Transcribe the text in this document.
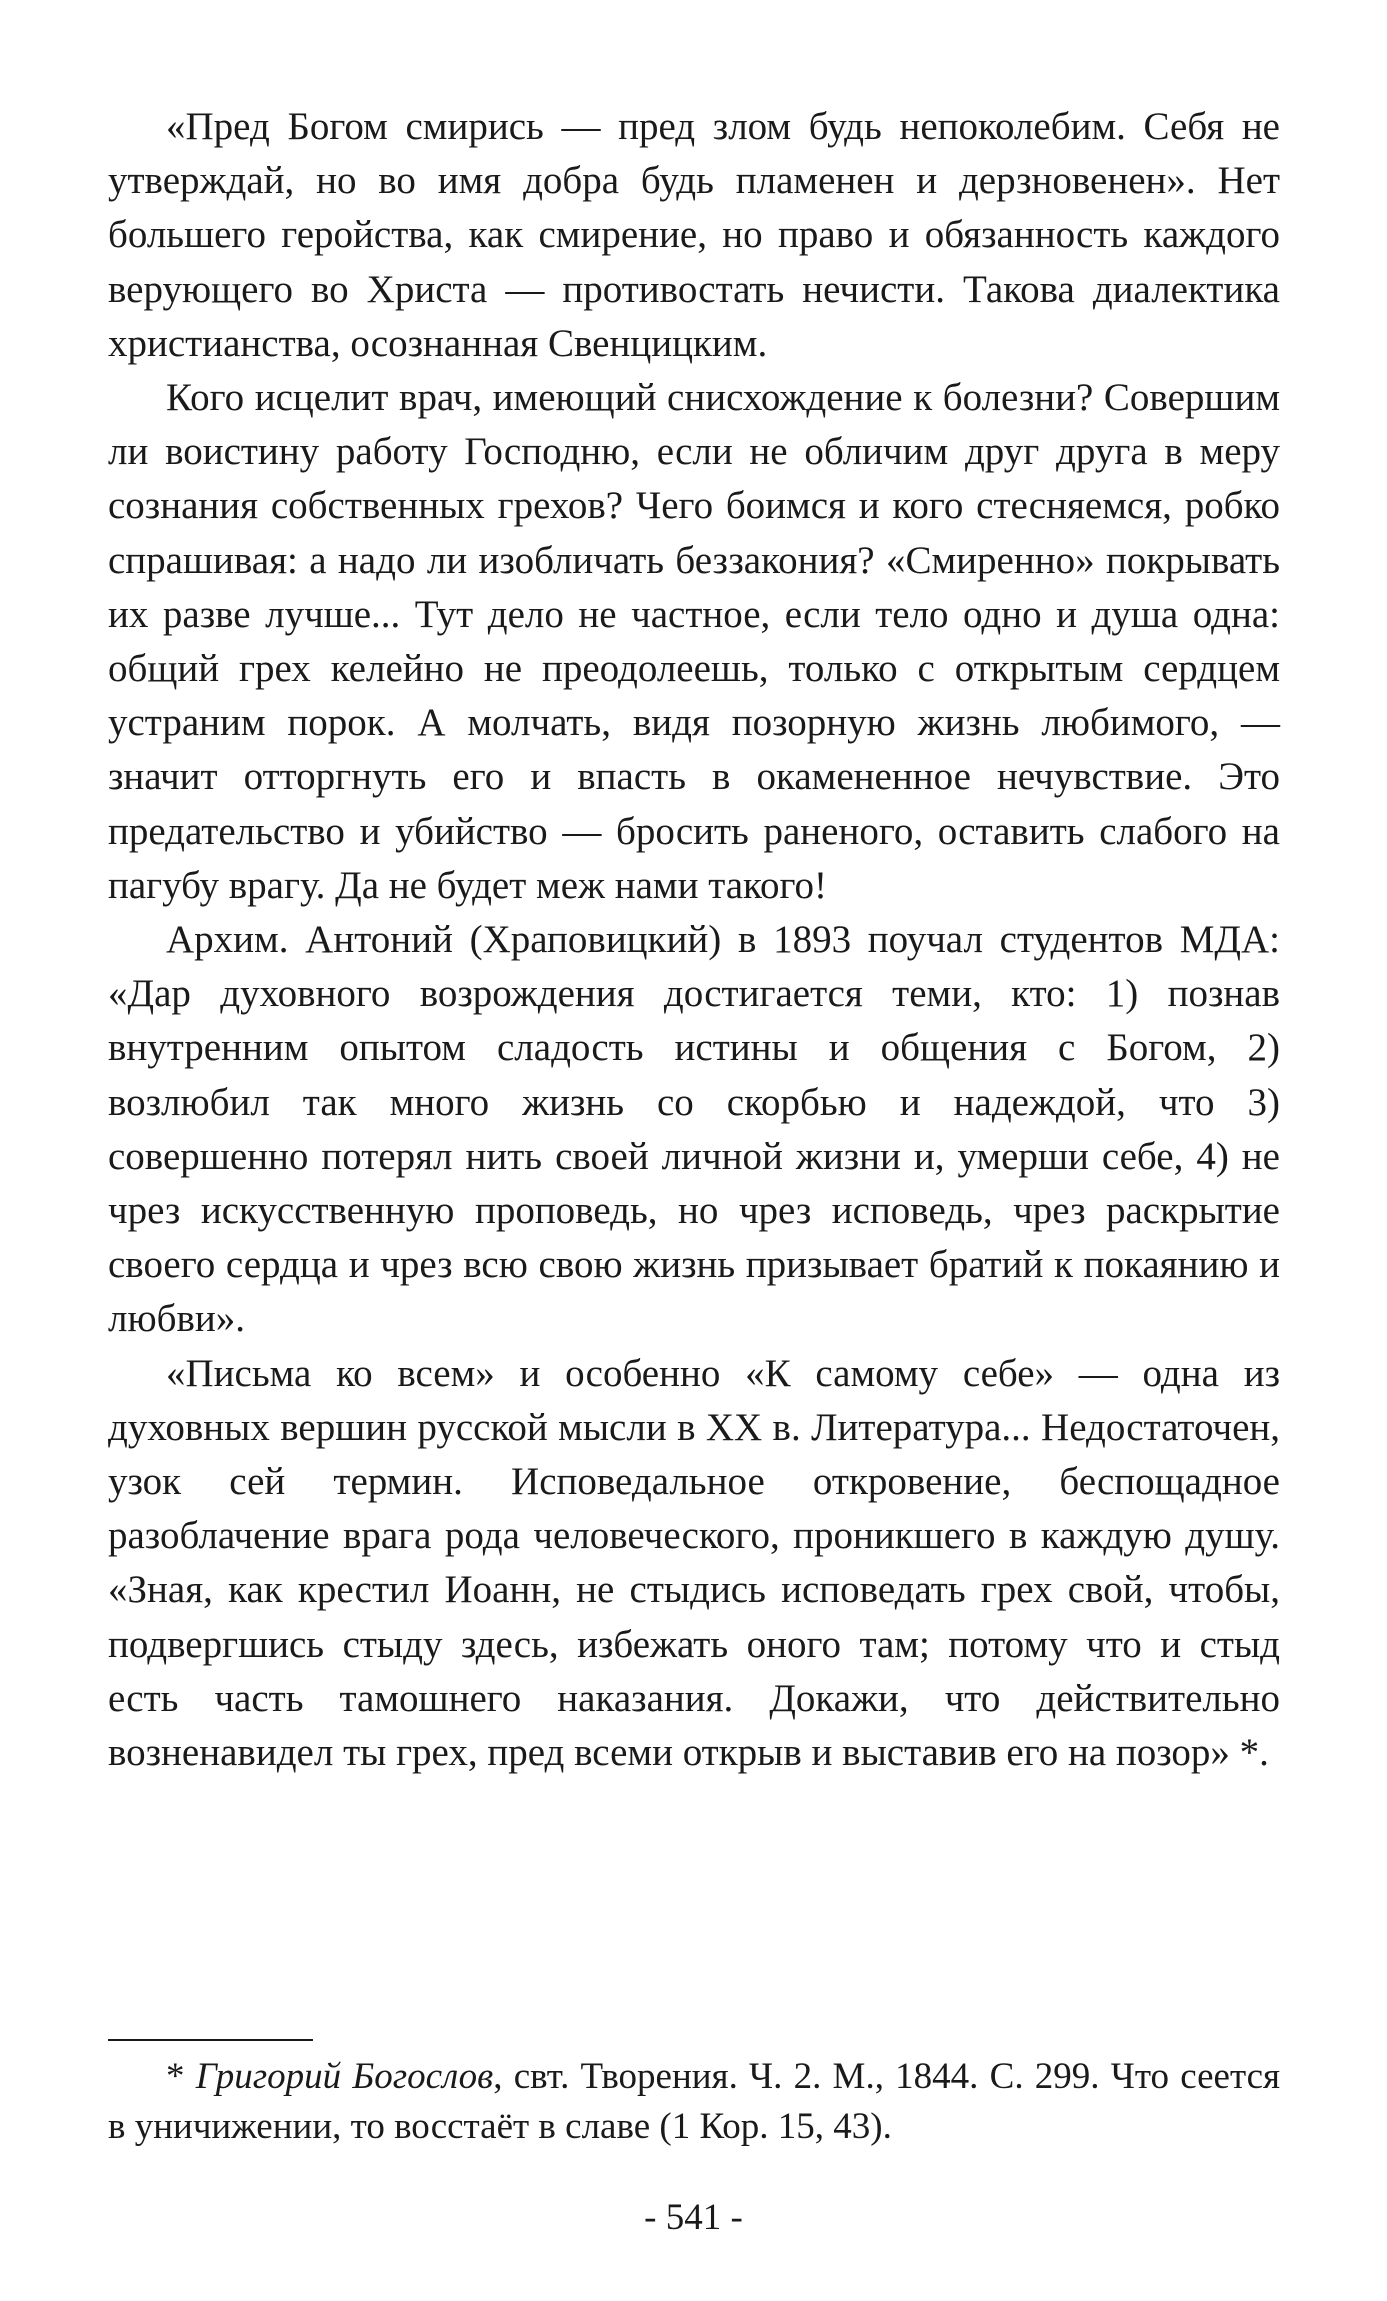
«Пред Богом смирись — пред злом будь непоколебим. Себя не утверждай, но во имя добра будь пламенен и дерзновенен». Нет большего геройства, как смирение, но право и обязанность каждого верующего во Христа — противостать нечисти. Такова диалектика христианства, осознанная Свенцицким.

Кого исцелит врач, имеющий снисхождение к болезни? Совершим ли воистину работу Господню, если не обличим друг друга в меру сознания собственных грехов? Чего боимся и кого стесняемся, робко спрашивая: а надо ли изобличать беззакония? «Смиренно» покрывать их разве лучше... Тут дело не частное, если тело одно и душа одна: общий грех келейно не преодолеешь, только с открытым сердцем устраним порок. А молчать, видя позорную жизнь любимого, — значит отторгнуть его и впасть в окамененное нечувствие. Это предательство и убийство — бросить раненого, оставить слабого на пагубу врагу. Да не будет меж нами такого!

Архим. Антоний (Храповицкий) в 1893 поучал студентов МДА: «Дар духовного возрождения достигается теми, кто: 1) познав внутренним опытом сладость истины и общения с Богом, 2) возлюбил так много жизнь со скорбью и надеждой, что 3) совершенно потерял нить своей личной жизни и, умерши себе, 4) не чрез искусственную проповедь, но чрез исповедь, чрез раскрытие своего сердца и чрез всю свою жизнь призывает братий к покаянию и любви».

«Письма ко всем» и особенно «К самому себе» — одна из духовных вершин русской мысли в XX в. Литература... Недостаточен, узок сей термин. Исповедальное откровение, беспощадное разоблачение врага рода человеческого, проникшего в каждую душу. «Зная, как крестил Иоанн, не стыдись исповедать грех свой, чтобы, подвергшись стыду здесь, избежать оного там; потому что и стыд есть часть тамошнего наказания. Докажи, что действительно возненавидел ты грех, пред всеми открыв и выставив его на позор» *.

* Григорий Богослов, свт. Творения. Ч. 2. М., 1844. С. 299. Что сеется в уничижении, то восстаёт в славе (1 Кор. 15, 43).

- 541 -
